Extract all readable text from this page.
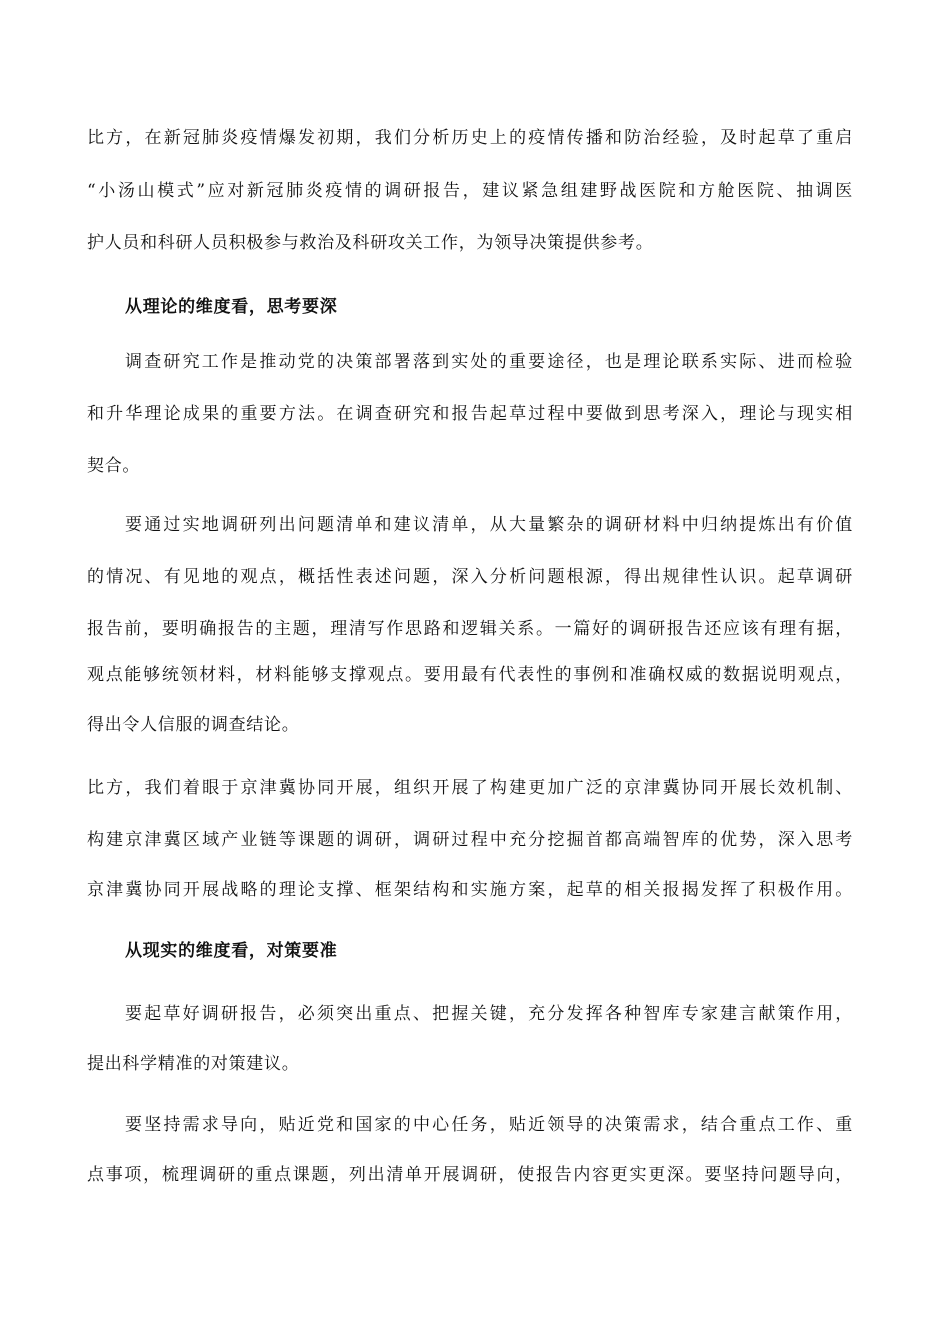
比方，在新冠肺炎疫情爆发初期，我们分析历史上的疫情传播和防治经验，及时起草了重启
“小汤山模式”应对新冠肺炎疫情的调研报告，建议紧急组建野战医院和方舱医院、抽调医
护人员和科研人员积极参与救治及科研攻关工作，为领导决策提供参考。
从理论的维度看，思考要深
调查研究工作是推动党的决策部署落到实处的重要途径，也是理论联系实际、进而检验
和升华理论成果的重要方法。在调查研究和报告起草过程中要做到思考深入，理论与现实相
契合。
要通过实地调研列出问题清单和建议清单，从大量繁杂的调研材料中归纳提炼出有价值
的情况、有见地的观点，概括性表述问题，深入分析问题根源，得出规律性认识。起草调研
报告前，要明确报告的主题，理清写作思路和逻辑关系。一篇好的调研报告还应该有理有据，
观点能够统领材料，材料能够支撑观点。要用最有代表性的事例和准确权威的数据说明观点，
得出令人信服的调查结论。
比方，我们着眼于京津冀协同开展，组织开展了构建更加广泛的京津冀协同开展长效机制、
构建京津冀区域产业链等课题的调研，调研过程中充分挖掘首都高端智库的优势，深入思考
京津冀协同开展战略的理论支撑、框架结构和实施方案，起草的相关报揭发挥了积极作用。
从现实的维度看，对策要准
要起草好调研报告，必须突出重点、把握关键，充分发挥各种智库专家建言献策作用，
提出科学精准的对策建议。
要坚持需求导向，贴近党和国家的中心任务，贴近领导的决策需求，结合重点工作、重
点事项，梳理调研的重点课题，列出清单开展调研，使报告内容更实更深。要坚持问题导向，
